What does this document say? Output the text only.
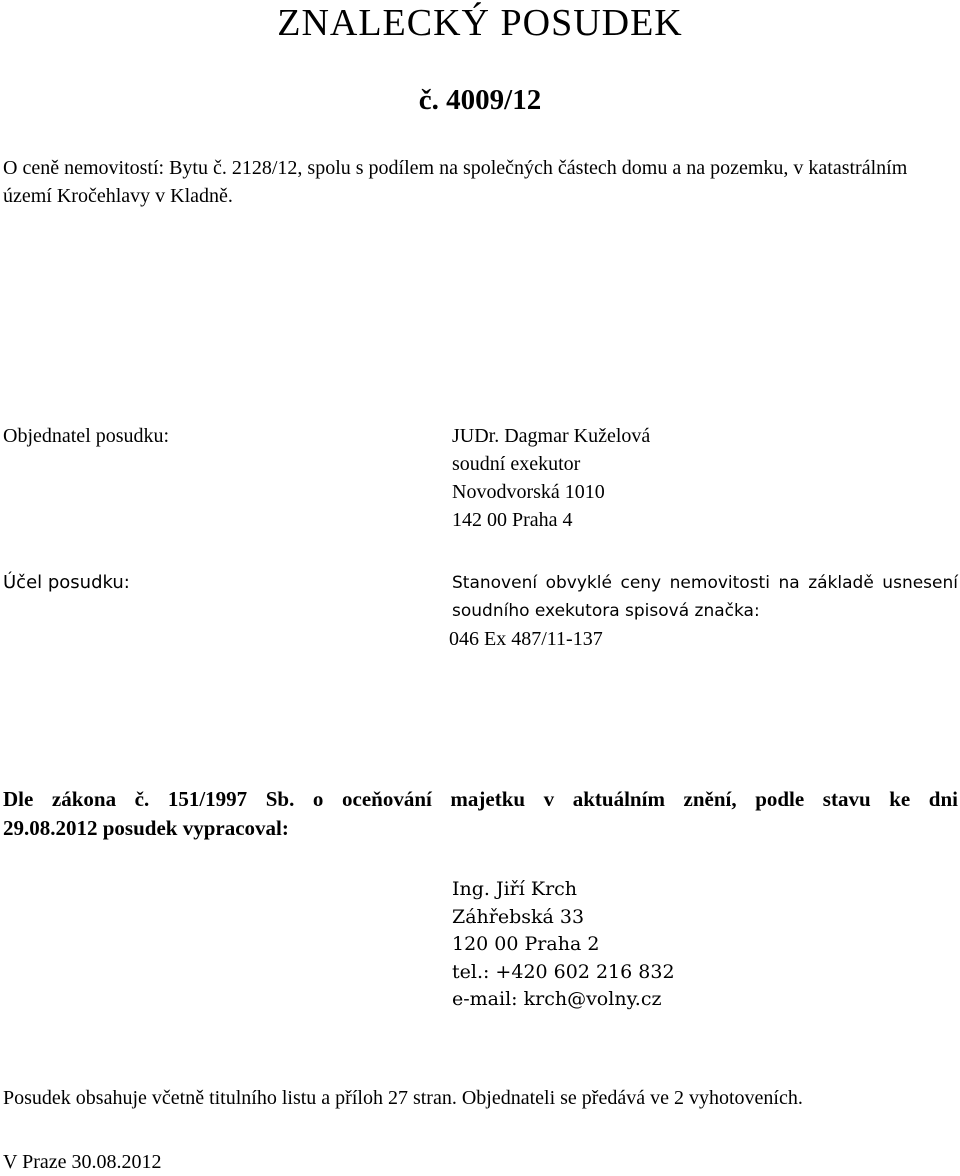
ZNALECKÝ POSUDEK
č. 4009/12
O ceně nemovitostí: Bytu č. 2128/12, spolu s podílem na společných částech domu a na pozemku, v katastrálním území Kročehlavy v Kladně.
Objednatel posudku:	JUDr. Dagmar Kuželová
soudní exekutor
Novodvorská 1010
142 00 Praha 4
Účel posudku:	Stanovení obvyklé ceny nemovitosti na základě usnesení soudního exekutora spisová značka:
046 Ex 487/11-137
Dle zákona č. 151/1997 Sb. o oceňování majetku v aktuálním znění, podle stavu ke dni
29.08.2012 posudek vypracoval:
Ing. Jiří Krch
Záhřebská 33
120 00 Praha 2
tel.: +420 602 216 832
e-mail: krch@volny.cz
Posudek obsahuje včetně titulního listu a příloh 27 stran. Objednateli se předává ve 2 vyhotoveních.
V Praze 30.08.2012
